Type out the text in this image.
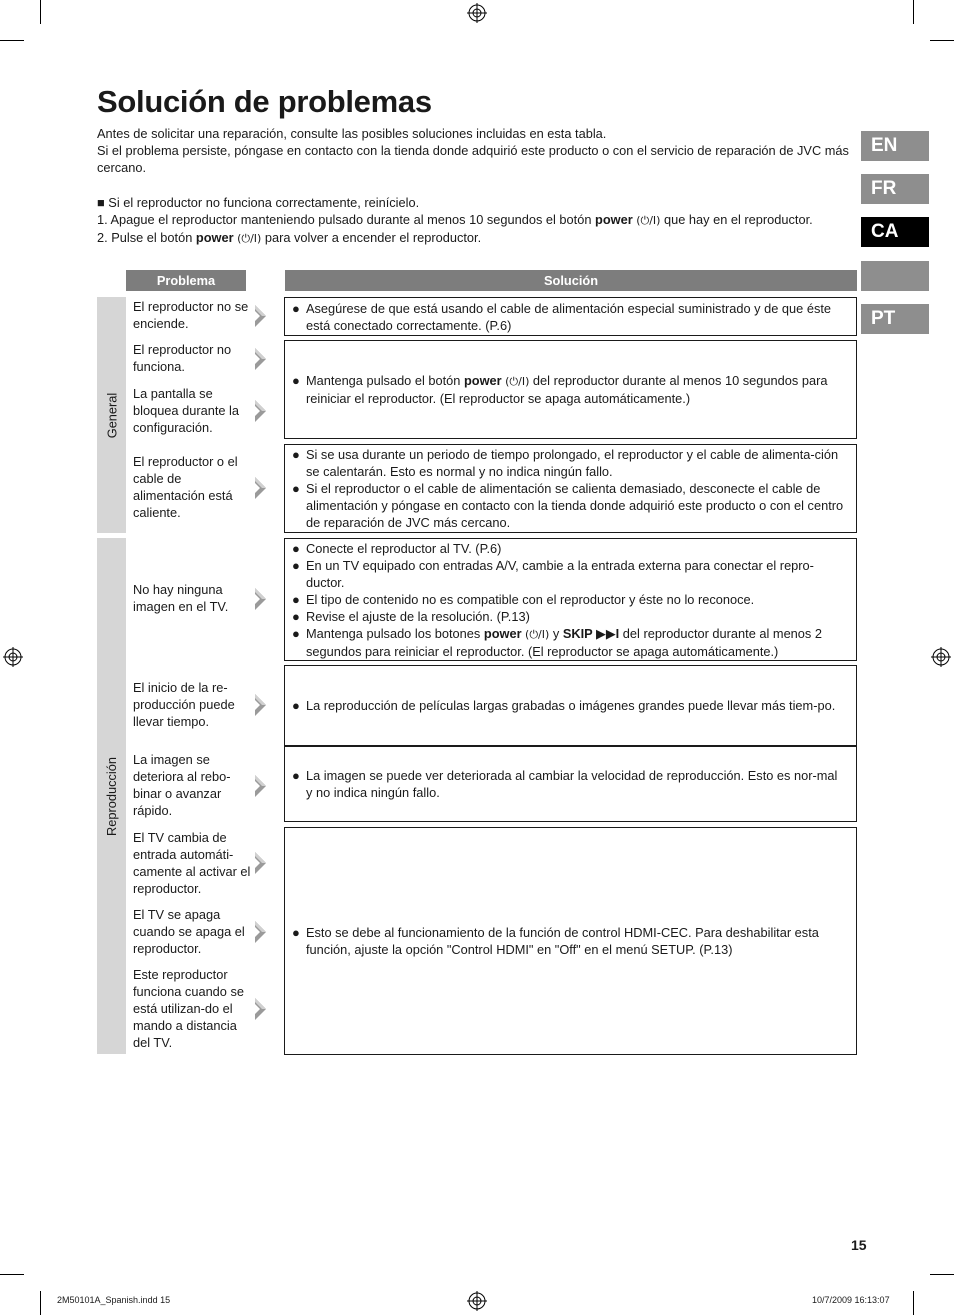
Solución de problemas

Antes de solicitar una reparación, consulte las posibles soluciones incluidas en esta tabla.

Si el problema persiste, póngase en contacto con la tienda donde adquirió este producto o con el servicio de reparación de JVC más cercano.

■ Si el reproductor no funciona correctamente, reinícielo.

1. Apague el reproductor manteniendo pulsado durante al menos 10 segundos el botón power (⏻/I) que hay en el reproductor.

2. Pulse el botón power (⏻/I) para volver a encender el reproductor.

EN
FR
CA
PT
Problema	Solución
General
Reproducción
El reproductor no se enciende.
El reproductor no funciona.
La pantalla se bloquea durante la configuración.
El reproductor o el cable de alimentación está caliente.
No hay ninguna imagen en el TV.
El inicio de la re-producción puede llevar tiempo.
La imagen se deteriora al rebo-binar o avanzar rápido.
El TV cambia de entrada automáti-camente al activar el reproductor.
El TV se apaga cuando se apaga el reproductor.
Este reproductor funciona cuando se está utilizan-do el mando a distancia del TV.
● Asegúrese de que está usando el cable de alimentación especial suministrado y de que éste está conectado correctamente. (P.6)
● Mantenga pulsado el botón power (⏻/I) del reproductor durante al menos 10 segundos para reiniciar el reproductor. (El reproductor se apaga automáticamente.)
● Si se usa durante un periodo de tiempo prolongado, el reproductor y el cable de alimenta-ción se calentarán. Esto es normal y no indica ningún fallo.
● Si el reproductor o el cable de alimentación se calienta demasiado, desconecte el cable de alimentación y póngase en contacto con la tienda donde adquirió este producto o con el centro de reparación de JVC más cercano.
● Conecte el reproductor al TV. (P.6)
● En un TV equipado con entradas A/V, cambie a la entrada externa para conectar el repro-ductor.
● El tipo de contenido no es compatible con el reproductor y éste no lo reconoce.
● Revise el ajuste de la resolución. (P.13)
● Mantenga pulsado los botones power (⏻/I) y SKIP ▶▶I del reproductor durante al menos 2 segundos para reiniciar el reproductor. (El reproductor se apaga automáticamente.)
● La reproducción de películas largas grabadas o imágenes grandes puede llevar más tiem-po.
● La imagen se puede ver deteriorada al cambiar la velocidad de reproducción. Esto es nor-mal y no indica ningún fallo.
● Esto se debe al funcionamiento de la función de control HDMI-CEC. Para deshabilitar esta función, ajuste la opción "Control HDMI" en "Off" en el menú SETUP. (P.13)
15
2M50101A_Spanish.indd 15	10/7/2009 16:13:07
